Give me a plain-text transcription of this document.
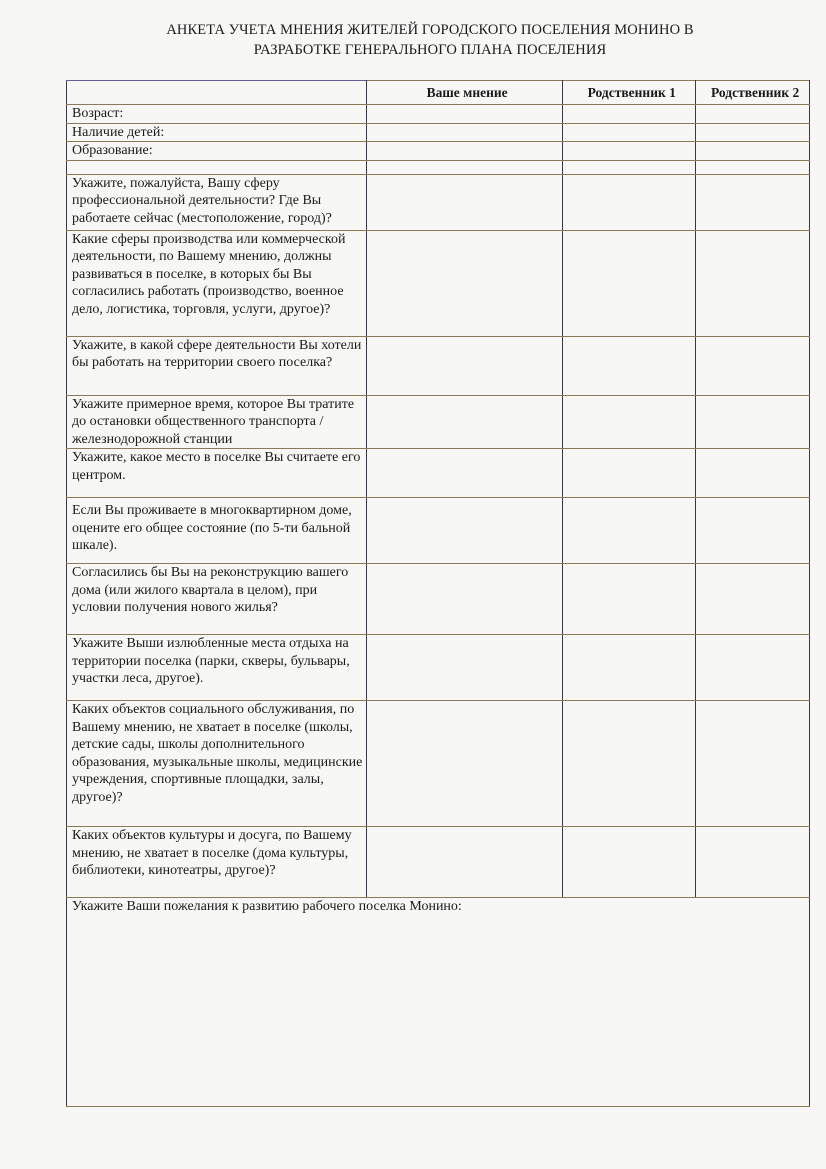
АНКЕТА УЧЕТА МНЕНИЯ ЖИТЕЛЕЙ ГОРОДСКОГО ПОСЕЛЕНИЯ МОНИНО В
РАЗРАБОТКЕ ГЕНЕРАЛЬНОГО ПЛАНА ПОСЕЛЕНИЯ
	Ваше мнение	Родственник 1	Родственник 2
Возраст:			
Наличие детей:			
Образование:			

Укажите, пожалуйста, Вашу сферу профессиональной деятельности? Где Вы работаете сейчас (местоположение, город)?			
Какие сферы производства или коммерческой деятельности, по Вашему мнению, должны развиваться в поселке, в которых бы Вы согласились работать (производство, военное дело, логистика, торговля, услуги, другое)?			
Укажите, в какой сфере деятельности Вы хотели бы работать на территории своего поселка?			
Укажите примерное время, которое Вы тратите до остановки общественного транспорта / железнодорожной станции			
Укажите, какое место в поселке Вы считаете его центром.			
Если Вы проживаете в многоквартирном доме, оцените его общее состояние (по 5-ти бальной шкале).			
Согласились бы Вы на реконструкцию вашего дома (или жилого квартала в целом), при условии получения нового жилья?			
Укажите Выши излюбленные места отдыха на территории поселка (парки, скверы, бульвары, участки леса, другое).			
Каких объектов социального обслуживания, по Вашему мнению, не хватает в поселке (школы, детские сады, школы дополнительного образования, музыкальные школы, медицинские учреждения, спортивные площадки, залы, другое)?			
Каких объектов культуры и досуга, по Вашему мнению, не хватает в поселке (дома культуры, библиотеки, кинотеатры, другое)?			
Укажите Ваши пожелания к развитию рабочего поселка Монино:			
